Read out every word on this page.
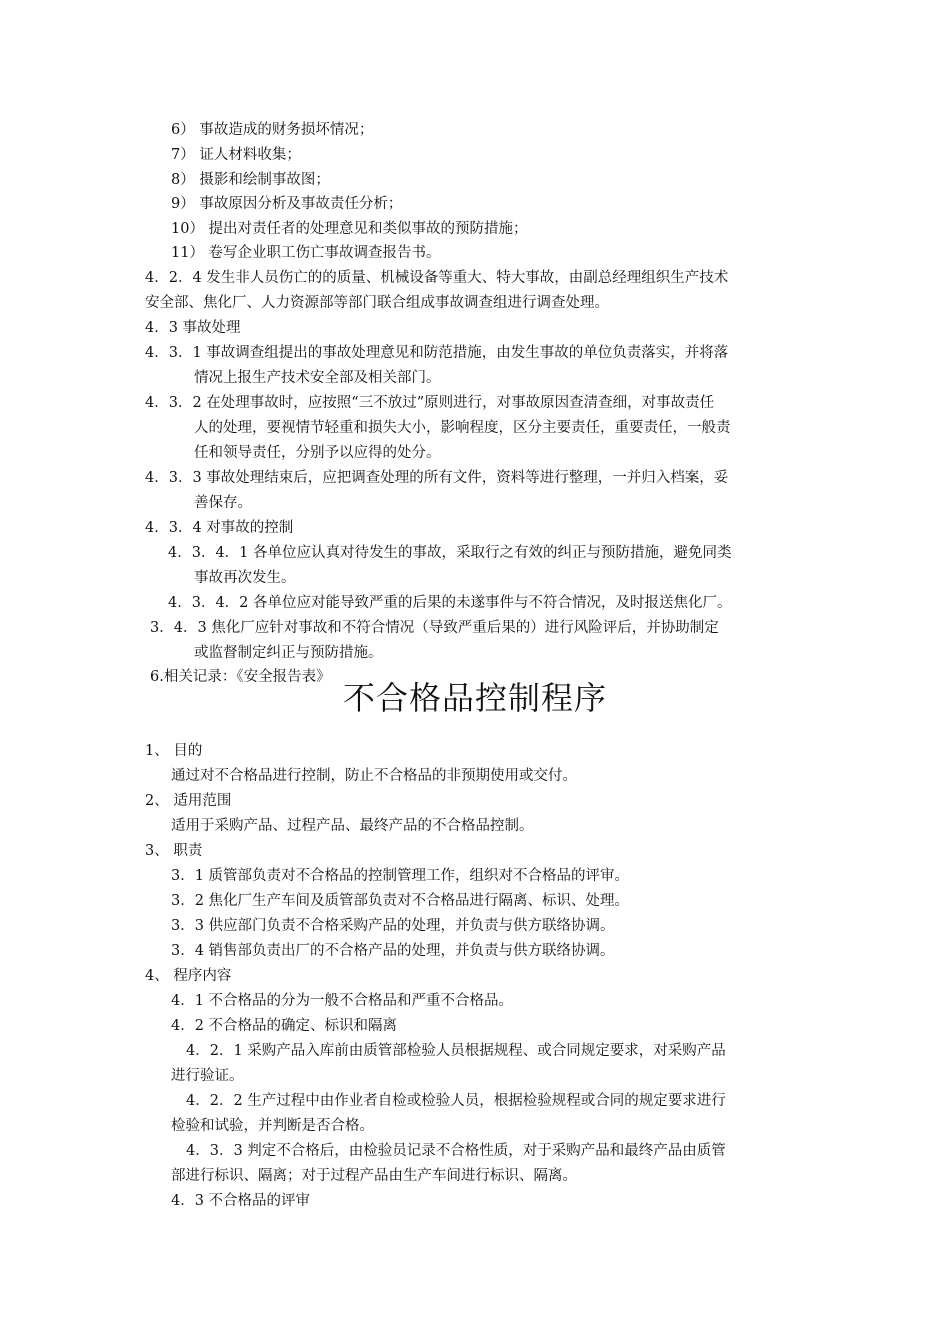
6） 事故造成的财务损坏情况；
7） 证人材料收集；
8） 摄影和绘制事故图；
9） 事故原因分析及事故责任分析；
10） 提出对责任者的处理意见和类似事故的预防措施；
11） 卷写企业职工伤亡事故调查报告书。
4．2．4 发生非人员伤亡的的质量、机械设备等重大、特大事故，由副总经理组织生产技术
安全部、焦化厂、人力资源部等部门联合组成事故调查组进行调查处理。
4．3 事故处理
4．3．1 事故调查组提出的事故处理意见和防范措施，由发生事故的单位负责落实，并将落
情况上报生产技术安全部及相关部门。
4．3．2 在处理事故时，应按照“三不放过”原则进行，对事故原因查清查细，对事故责任
人的处理，要视情节轻重和损失大小，影响程度，区分主要责任，重要责任，一般责
任和领导责任，分别予以应得的处分。
4．3．3 事故处理结束后，应把调查处理的所有文件，资料等进行整理，一并归入档案，妥
善保存。
4．3．4 对事故的控制
4．3．4．1 各单位应认真对待发生的事故，采取行之有效的纠正与预防措施，避免同类
事故再次发生。
4．3．4．2 各单位应对能导致严重的后果的未遂事件与不符合情况，及时报送焦化厂。
3．4．3 焦化厂应针对事故和不符合情况（导致严重后果的）进行风险评后，并协助制定
或监督制定纠正与预防措施。
6.相关记录：《安全报告表》
不合格品控制程序
1、 目的
通过对不合格品进行控制，防止不合格品的非预期使用或交付。
2、 适用范围
适用于采购产品、过程产品、最终产品的不合格品控制。
3、 职责
3．1 质管部负责对不合格品的控制管理工作，组织对不合格品的评审。
3．2 焦化厂生产车间及质管部负责对不合格品进行隔离、标识、处理。
3．3 供应部门负责不合格采购产品的处理，并负责与供方联络协调。
3．4 销售部负责出厂的不合格产品的处理，并负责与供方联络协调。
4、 程序内容
4．1 不合格品的分为一般不合格品和严重不合格品。
4．2 不合格品的确定、标识和隔离
4．2．1 采购产品入库前由质管部检验人员根据规程、或合同规定要求，对采购产品
进行验证。
4．2．2 生产过程中由作业者自检或检验人员，根据检验规程或合同的规定要求进行
检验和试验，并判断是否合格。
4．3．3 判定不合格后，由检验员记录不合格性质，对于采购产品和最终产品由质管
部进行标识、隔离；对于过程产品由生产车间进行标识、隔离。
4．3 不合格品的评审
